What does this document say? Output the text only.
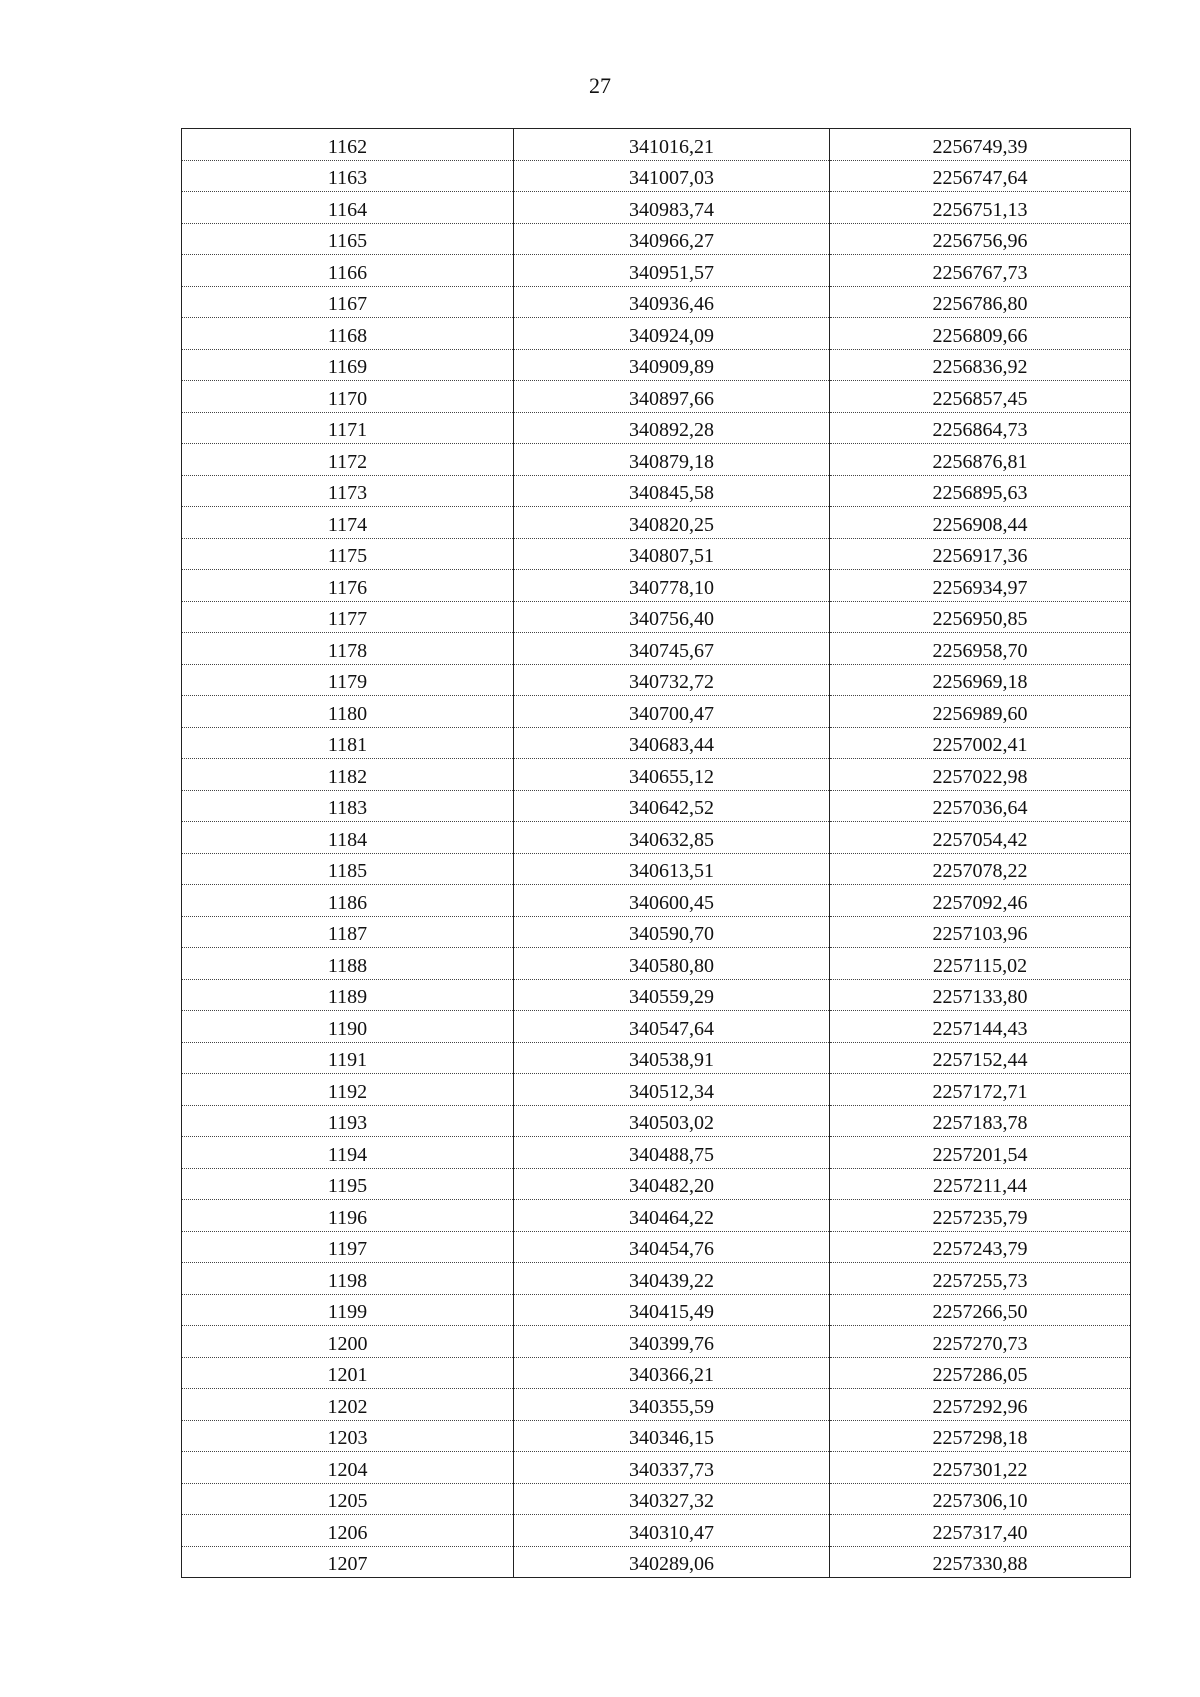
27
1162	341016,21	2256749,39
1163	341007,03	2256747,64
1164	340983,74	2256751,13
1165	340966,27	2256756,96
1166	340951,57	2256767,73
1167	340936,46	2256786,80
1168	340924,09	2256809,66
1169	340909,89	2256836,92
1170	340897,66	2256857,45
1171	340892,28	2256864,73
1172	340879,18	2256876,81
1173	340845,58	2256895,63
1174	340820,25	2256908,44
1175	340807,51	2256917,36
1176	340778,10	2256934,97
1177	340756,40	2256950,85
1178	340745,67	2256958,70
1179	340732,72	2256969,18
1180	340700,47	2256989,60
1181	340683,44	2257002,41
1182	340655,12	2257022,98
1183	340642,52	2257036,64
1184	340632,85	2257054,42
1185	340613,51	2257078,22
1186	340600,45	2257092,46
1187	340590,70	2257103,96
1188	340580,80	2257115,02
1189	340559,29	2257133,80
1190	340547,64	2257144,43
1191	340538,91	2257152,44
1192	340512,34	2257172,71
1193	340503,02	2257183,78
1194	340488,75	2257201,54
1195	340482,20	2257211,44
1196	340464,22	2257235,79
1197	340454,76	2257243,79
1198	340439,22	2257255,73
1199	340415,49	2257266,50
1200	340399,76	2257270,73
1201	340366,21	2257286,05
1202	340355,59	2257292,96
1203	340346,15	2257298,18
1204	340337,73	2257301,22
1205	340327,32	2257306,10
1206	340310,47	2257317,40
1207	340289,06	2257330,88
